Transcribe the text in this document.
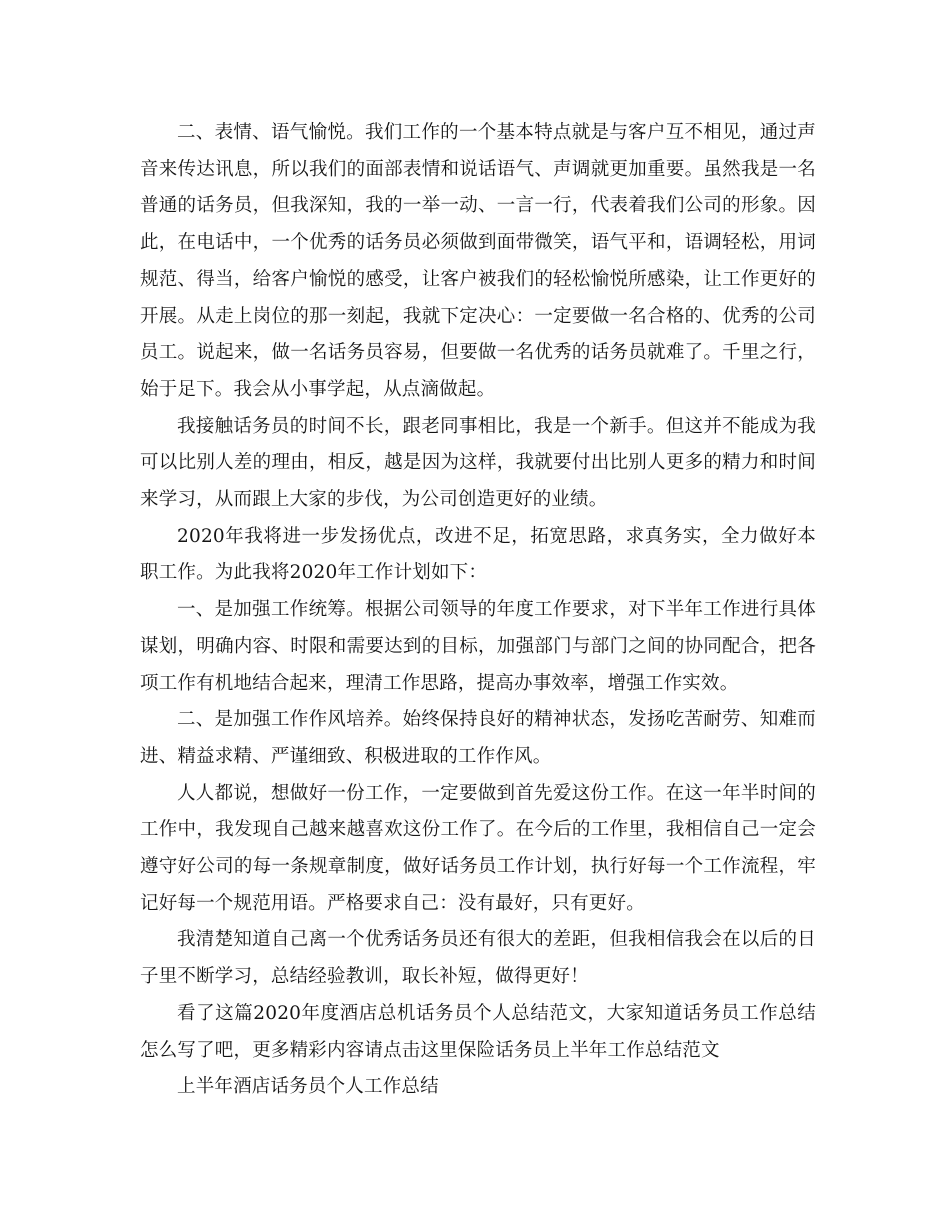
二、表情、语气愉悦。我们工作的一个基本特点就是与客户互不相见，通过声音来传达讯息，所以我们的面部表情和说话语气、声调就更加重要。虽然我是一名普通的话务员，但我深知，我的一举一动、一言一行，代表着我们公司的形象。因此，在电话中，一个优秀的话务员必须做到面带微笑，语气平和，语调轻松，用词规范、得当，给客户愉悦的感受，让客户被我们的轻松愉悦所感染，让工作更好的开展。从走上岗位的那一刻起，我就下定决心：一定要做一名合格的、优秀的公司员工。说起来，做一名话务员容易，但要做一名优秀的话务员就难了。千里之行，始于足下。我会从小事学起，从点滴做起。

我接触话务员的时间不长，跟老同事相比，我是一个新手。但这并不能成为我可以比别人差的理由，相反，越是因为这样，我就要付出比别人更多的精力和时间来学习，从而跟上大家的步伐，为公司创造更好的业绩。

2020年我将进一步发扬优点，改进不足，拓宽思路，求真务实，全力做好本职工作。为此我将2020年工作计划如下：

一、是加强工作统筹。根据公司领导的年度工作要求，对下半年工作进行具体谋划，明确内容、时限和需要达到的目标，加强部门与部门之间的协同配合，把各项工作有机地结合起来，理清工作思路，提高办事效率，增强工作实效。

二、是加强工作作风培养。始终保持良好的精神状态，发扬吃苦耐劳、知难而进、精益求精、严谨细致、积极进取的工作作风。

人人都说，想做好一份工作，一定要做到首先爱这份工作。在这一年半时间的工作中，我发现自己越来越喜欢这份工作了。在今后的工作里，我相信自己一定会遵守好公司的每一条规章制度，做好话务员工作计划，执行好每一个工作流程，牢记好每一个规范用语。严格要求自己：没有最好，只有更好。

我清楚知道自己离一个优秀话务员还有很大的差距，但我相信我会在以后的日子里不断学习，总结经验教训，取长补短，做得更好！

看了这篇2020年度酒店总机话务员个人总结范文，大家知道话务员工作总结怎么写了吧，更多精彩内容请点击这里保险话务员上半年工作总结范文

上半年酒店话务员个人工作总结
